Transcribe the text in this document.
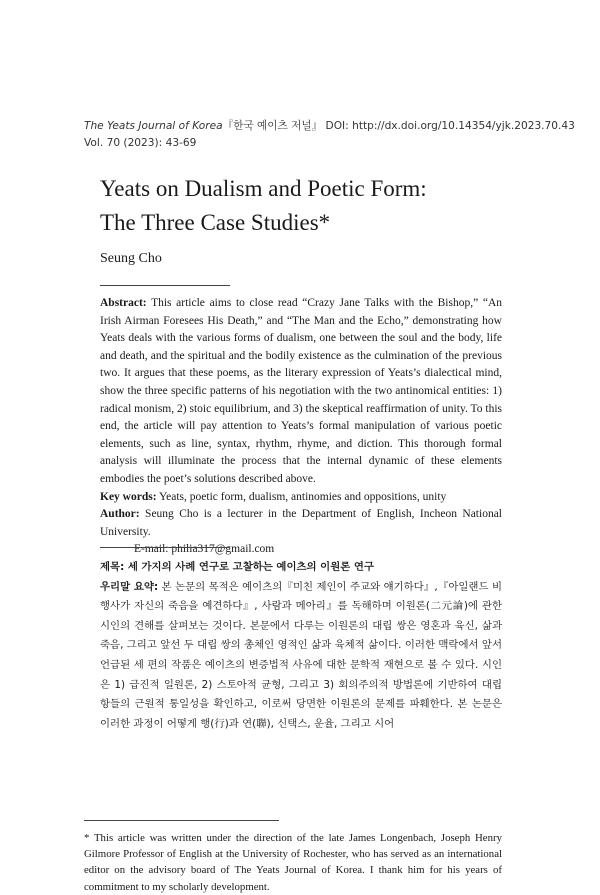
The Yeats Journal of Korea『한국 예이츠 저널』 DOI: http://dx.doi.org/10.14354/yjk.2023.70.43
Vol. 70 (2023): 43-69
Yeats on Dualism and Poetic Form:
The Three Case Studies*
Seung Cho

Abstract: This article aims to close read “Crazy Jane Talks with the Bishop,” “An Irish Airman Foresees His Death,” and “The Man and the Echo,” demonstrating how Yeats deals with the various forms of dualism, one between the soul and the body, life and death, and the spiritual and the bodily existence as the culmination of the previous two. It argues that these poems, as the literary expression of Yeats’s dialectical mind, show the three specific patterns of his negotiation with the two antinomical entities: 1) radical monism, 2) stoic equilibrium, and 3) the skeptical reaffirmation of unity. To this end, the article will pay attention to Yeats’s formal manipulation of various poetic elements, such as line, syntax, rhythm, rhyme, and diction. This thorough formal analysis will illuminate the process that the internal dynamic of these elements embodies the poet’s solutions described above.

Key words: Yeats, poetic form, dualism, antinomies and oppositions, unity

Author: Seung Cho is a lecturer in the Department of English, Incheon National University.

E-mail: philia317@gmail.com

제목: 세 가지의 사례 연구로 고찰하는 예이츠의 이원론 연구
우리말 요약: 본 논문의 목적은 예이츠의『미친 제인이 주교와 얘기하다』,『아일랜드 비행사가 자신의 죽음을 예견하다』, 사람과 메아리』를 독해하며 이원론(二元論)에 관한 시인의 견해를 살펴보는 것이다. 본문에서 다루는 이원론의 대립 쌍은 영혼과 육신, 삶과 죽음, 그리고 앞선 두 대립 쌍의 총체인 영적인 삶과 육체적 삶이다. 이러한 맥락에서 앞서 언급된 세 편의 작품은 예이츠의 변증법적 사유에 대한 문학적 재현으로 볼 수 있다. 시인은 1) 급진적 일원론, 2) 스토아적 균형, 그리고 3) 회의주의적 방법론에 기반하여 대립 항들의 근원적 통일성을 확인하고, 이로써 당면한 이원론의 문제를 파훼한다. 본 논문은 이러한 과정이 어떻게 행(行)과 연(聯), 신택스, 운율, 그리고 시어
* This article was written under the direction of the late James Longenbach, Joseph Henry Gilmore Professor of English at the University of Rochester, who has served as an international editor on the advisory board of The Yeats Journal of Korea. I thank him for his years of commitment to my scholarly development.
